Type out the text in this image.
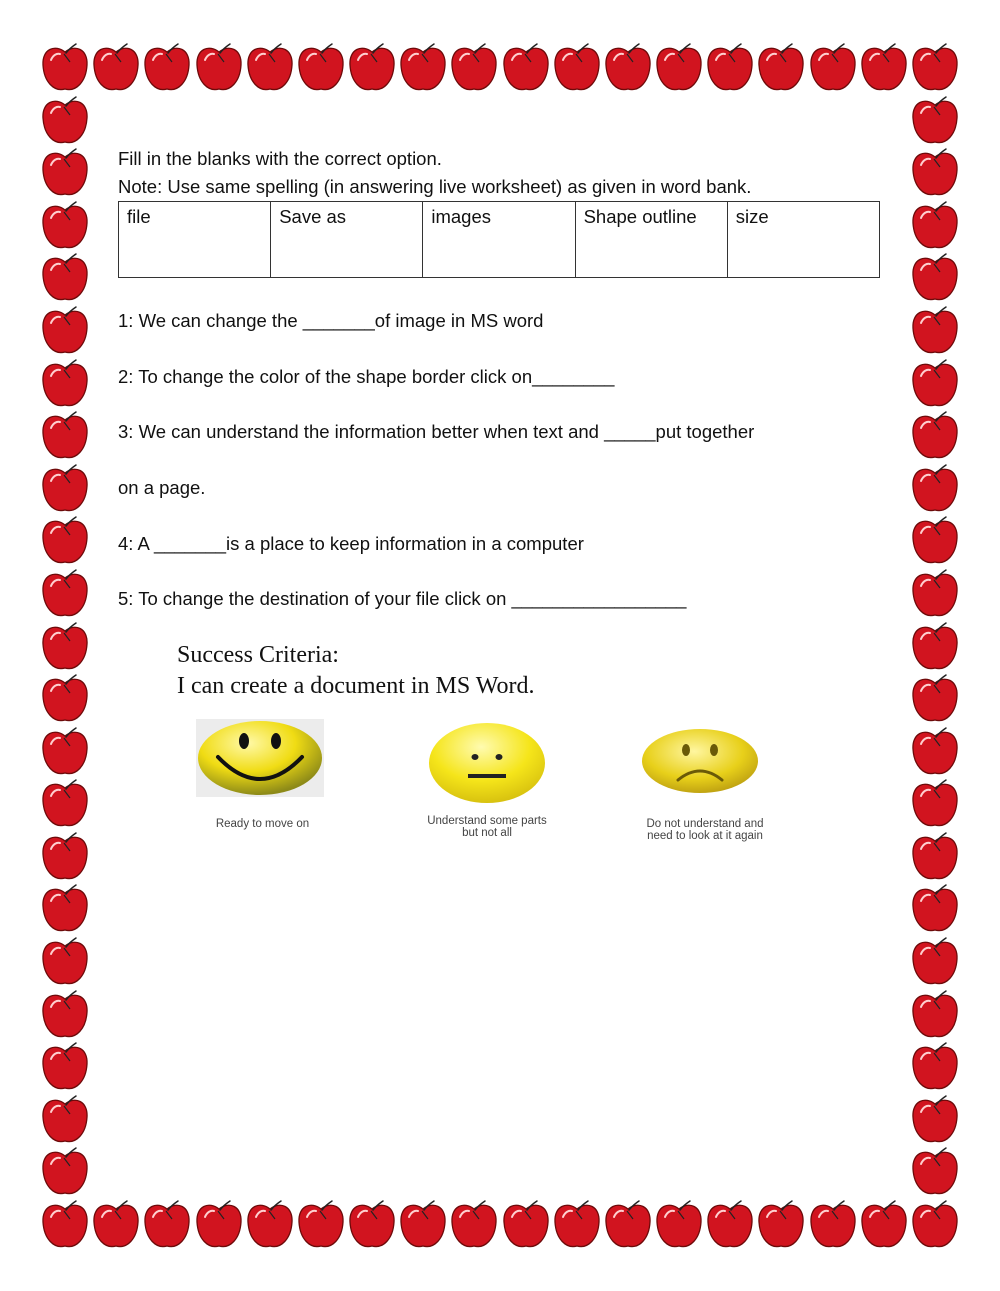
Fill in the blanks with the correct option.
Note: Use same spelling (in answering live worksheet) as given in word bank.
file	Save as	images	Shape outline	size
1: We can change the _______of image in MS word
2: To change the color of the shape border click on________
3: We can understand the information better when text and _____put together
on a page.
4: A _______is a place to keep information in a computer
5: To change the destination of your file click on _________________
Success Criteria:
I can create a document in MS Word.
Ready to move on	Understand some parts
but not all
Do not understand and
need to look at it again
